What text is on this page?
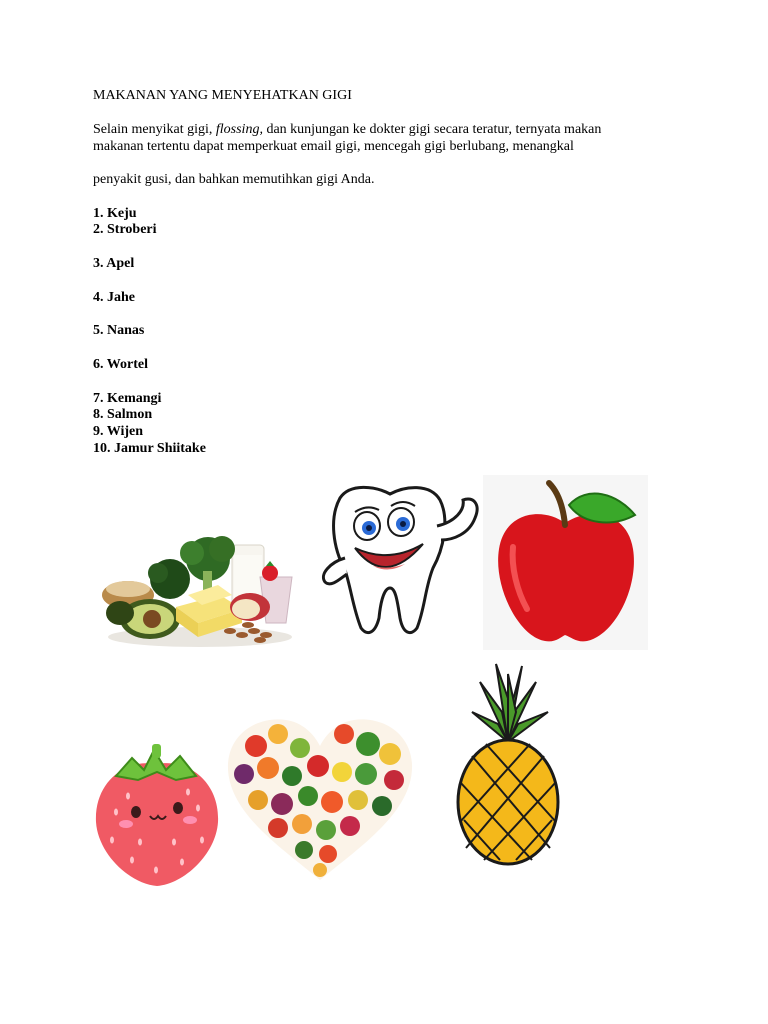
MAKANAN YANG MENYEHATKAN GIGI
Selain menyikat gigi, flossing, dan kunjungan ke dokter gigi secara teratur, ternyata makan
makanan tertentu dapat memperkuat email gigi, mencegah gigi berlubang, menangkal
penyakit gusi, dan bahkan memutihkan gigi Anda.
1. Keju
2. Stroberi
3. Apel
4. Jahe
5. Nanas
6. Wortel
7. Kemangi
8. Salmon
9. Wijen
10. Jamur Shiitake
